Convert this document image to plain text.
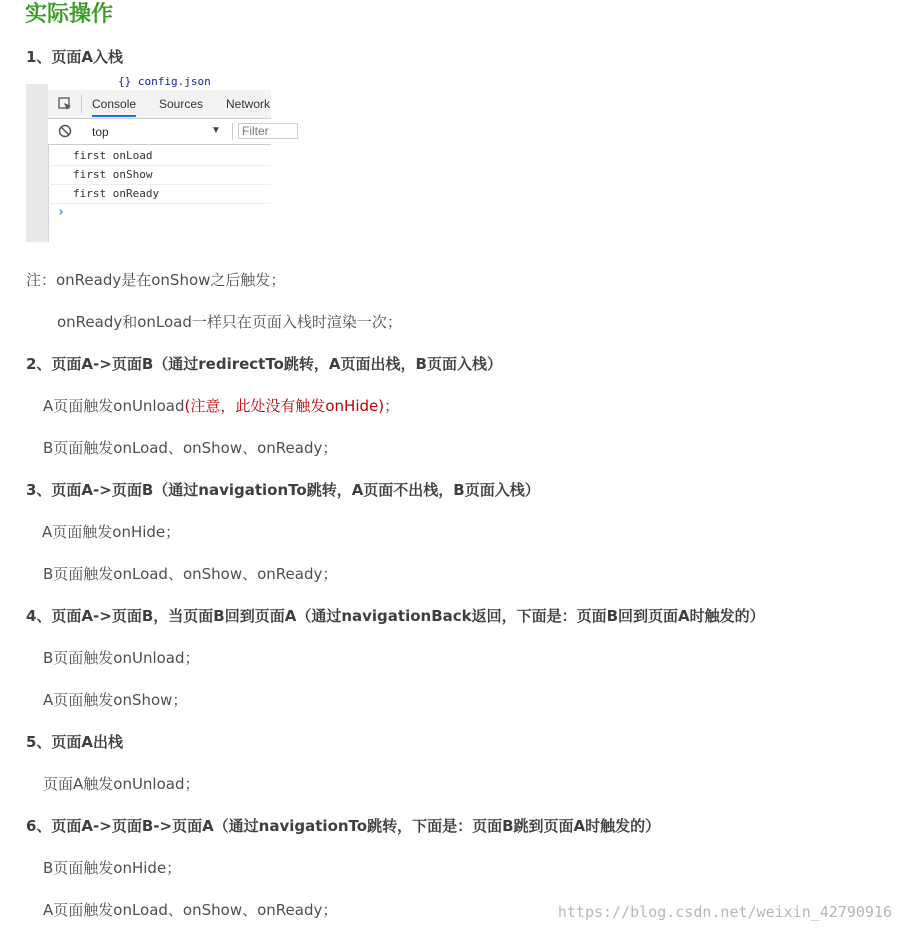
实际操作
1、页面A入栈
{} config.json
Console Sources Network
top	▼	Filter
first onLoad
first onShow
first onReady
›
注：onReady是在onShow之后触发；
onReady和onLoad一样只在页面入栈时渲染一次；
2、页面A->页面B（通过redirectTo跳转，A页面出栈，B页面入栈）
A页面触发onUnload(注意，此处没有触发onHide)；
B页面触发onLoad、onShow、onReady；
3、页面A->页面B（通过navigationTo跳转，A页面不出栈，B页面入栈）
A页面触发onHide；
B页面触发onLoad、onShow、onReady；
4、页面A->页面B，当页面B回到页面A（通过navigationBack返回，下面是：页面B回到页面A时触发的）
B页面触发onUnload；
A页面触发onShow；
5、页面A出栈
页面A触发onUnload；
6、页面A->页面B->页面A（通过navigationTo跳转，下面是：页面B跳到页面A时触发的）
B页面触发onHide；
A页面触发onLoad、onShow、onReady；	https://blog.csdn.net/weixin_42790916
